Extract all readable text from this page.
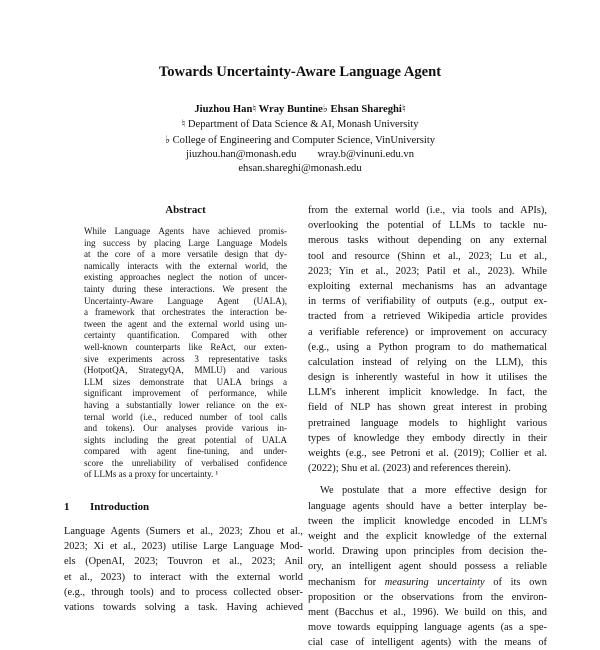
Towards Uncertainty-Aware Language Agent
Jiuzhou Han♮ Wray Buntine♭ Ehsan Shareghi♮
♮ Department of Data Science & AI, Monash University
♭ College of Engineering and Computer Science, VinUniversity
jiuzhou.han@monash.edu        wray.b@vinuni.edu.vn
ehsan.shareghi@monash.edu
Abstract
While Language Agents have achieved promis-
ing success by placing Large Language Models
at the core of a more versatile design that dy-
namically interacts with the external world, the
existing approaches neglect the notion of uncer-
tainty during these interactions. We present the
Uncertainty-Aware Language Agent (UALA),
a framework that orchestrates the interaction be-
tween the agent and the external world using un-
certainty quantification. Compared with other
well-known counterparts like ReAct, our exten-
sive experiments across 3 representative tasks
(HotpotQA, StrategyQA, MMLU) and various
LLM sizes demonstrate that UALA brings a
significant improvement of performance, while
having a substantially lower reliance on the ex-
ternal world (i.e., reduced number of tool calls
and tokens). Our analyses provide various in-
sights including the great potential of UALA
compared with agent fine-tuning, and under-
score the unreliability of verbalised confidence
of LLMs as a proxy for uncertainty. ¹
1 Introduction
Language Agents (Sumers et al., 2023; Zhou et al.,
2023; Xi et al., 2023) utilise Large Language Mod-
els (OpenAI, 2023; Touvron et al., 2023; Anil
et al., 2023) to interact with the external world
(e.g., through tools) and to process collected obser-
vations towards solving a task. Having achieved
from the external world (i.e., via tools and APIs),
overlooking the potential of LLMs to tackle nu-
merous tasks without depending on any external
tool and resource (Shinn et al., 2023; Lu et al.,
2023; Yin et al., 2023; Patil et al., 2023). While
exploiting external mechanisms has an advantage
in terms of verifiability of outputs (e.g., output ex-
tracted from a retrieved Wikipedia article provides
a verifiable reference) or improvement on accuracy
(e.g., using a Python program to do mathematical
calculation instead of relying on the LLM), this
design is inherently wasteful in how it utilises the
LLM's inherent implicit knowledge. In fact, the
field of NLP has shown great interest in probing
pretrained language models to highlight various
types of knowledge they embody directly in their
weights (e.g., see Petroni et al. (2019); Collier et al.
(2022); Shu et al. (2023) and references therein).
We postulate that a more effective design for
language agents should have a better interplay be-
tween the implicit knowledge encoded in LLM's
weight and the explicit knowledge of the external
world. Drawing upon principles from decision the-
ory, an intelligent agent should possess a reliable
mechanism for measuring uncertainty of its own
proposition or the observations from the environ-
ment (Bacchus et al., 1996). We build on this, and
move towards equipping language agents (as a spe-
cial case of intelligent agents) with the means of
